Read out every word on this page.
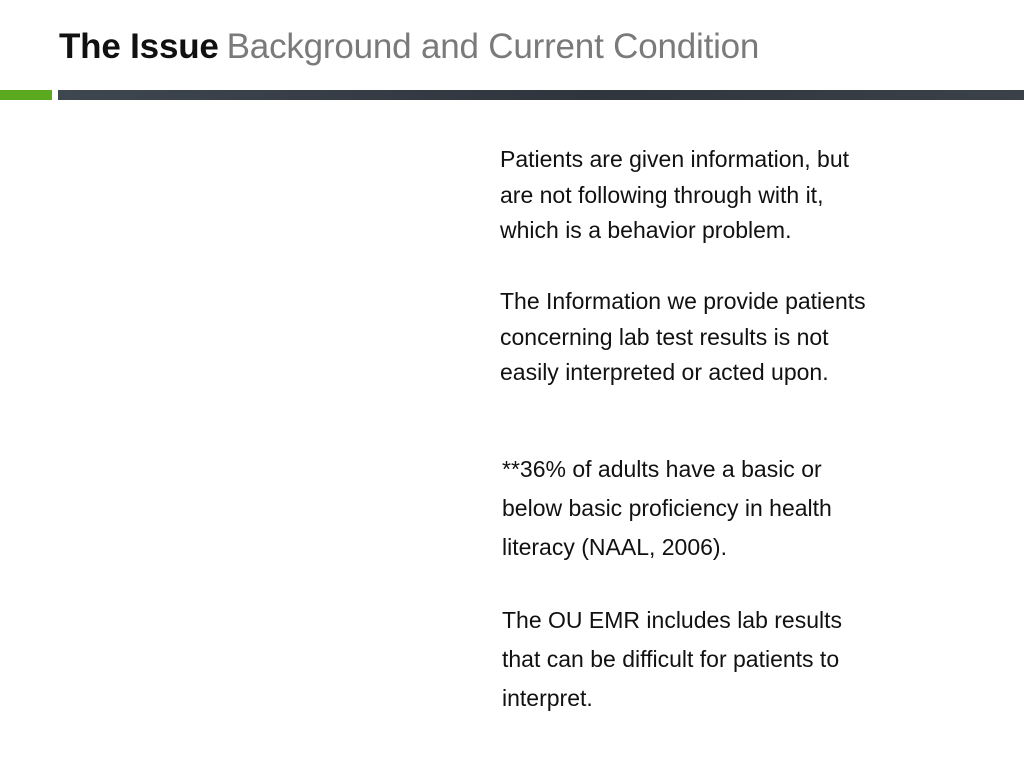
The Issue Background and Current Condition

Patients are given information, but
are not following through with it,
which is a behavior problem.

The Information we provide patients
concerning lab test results is not
easily interpreted or acted upon.

**36% of adults have a basic or
below basic proficiency in health
literacy (NAAL, 2006).

The OU EMR includes lab results
that can be difficult for patients to
interpret.
